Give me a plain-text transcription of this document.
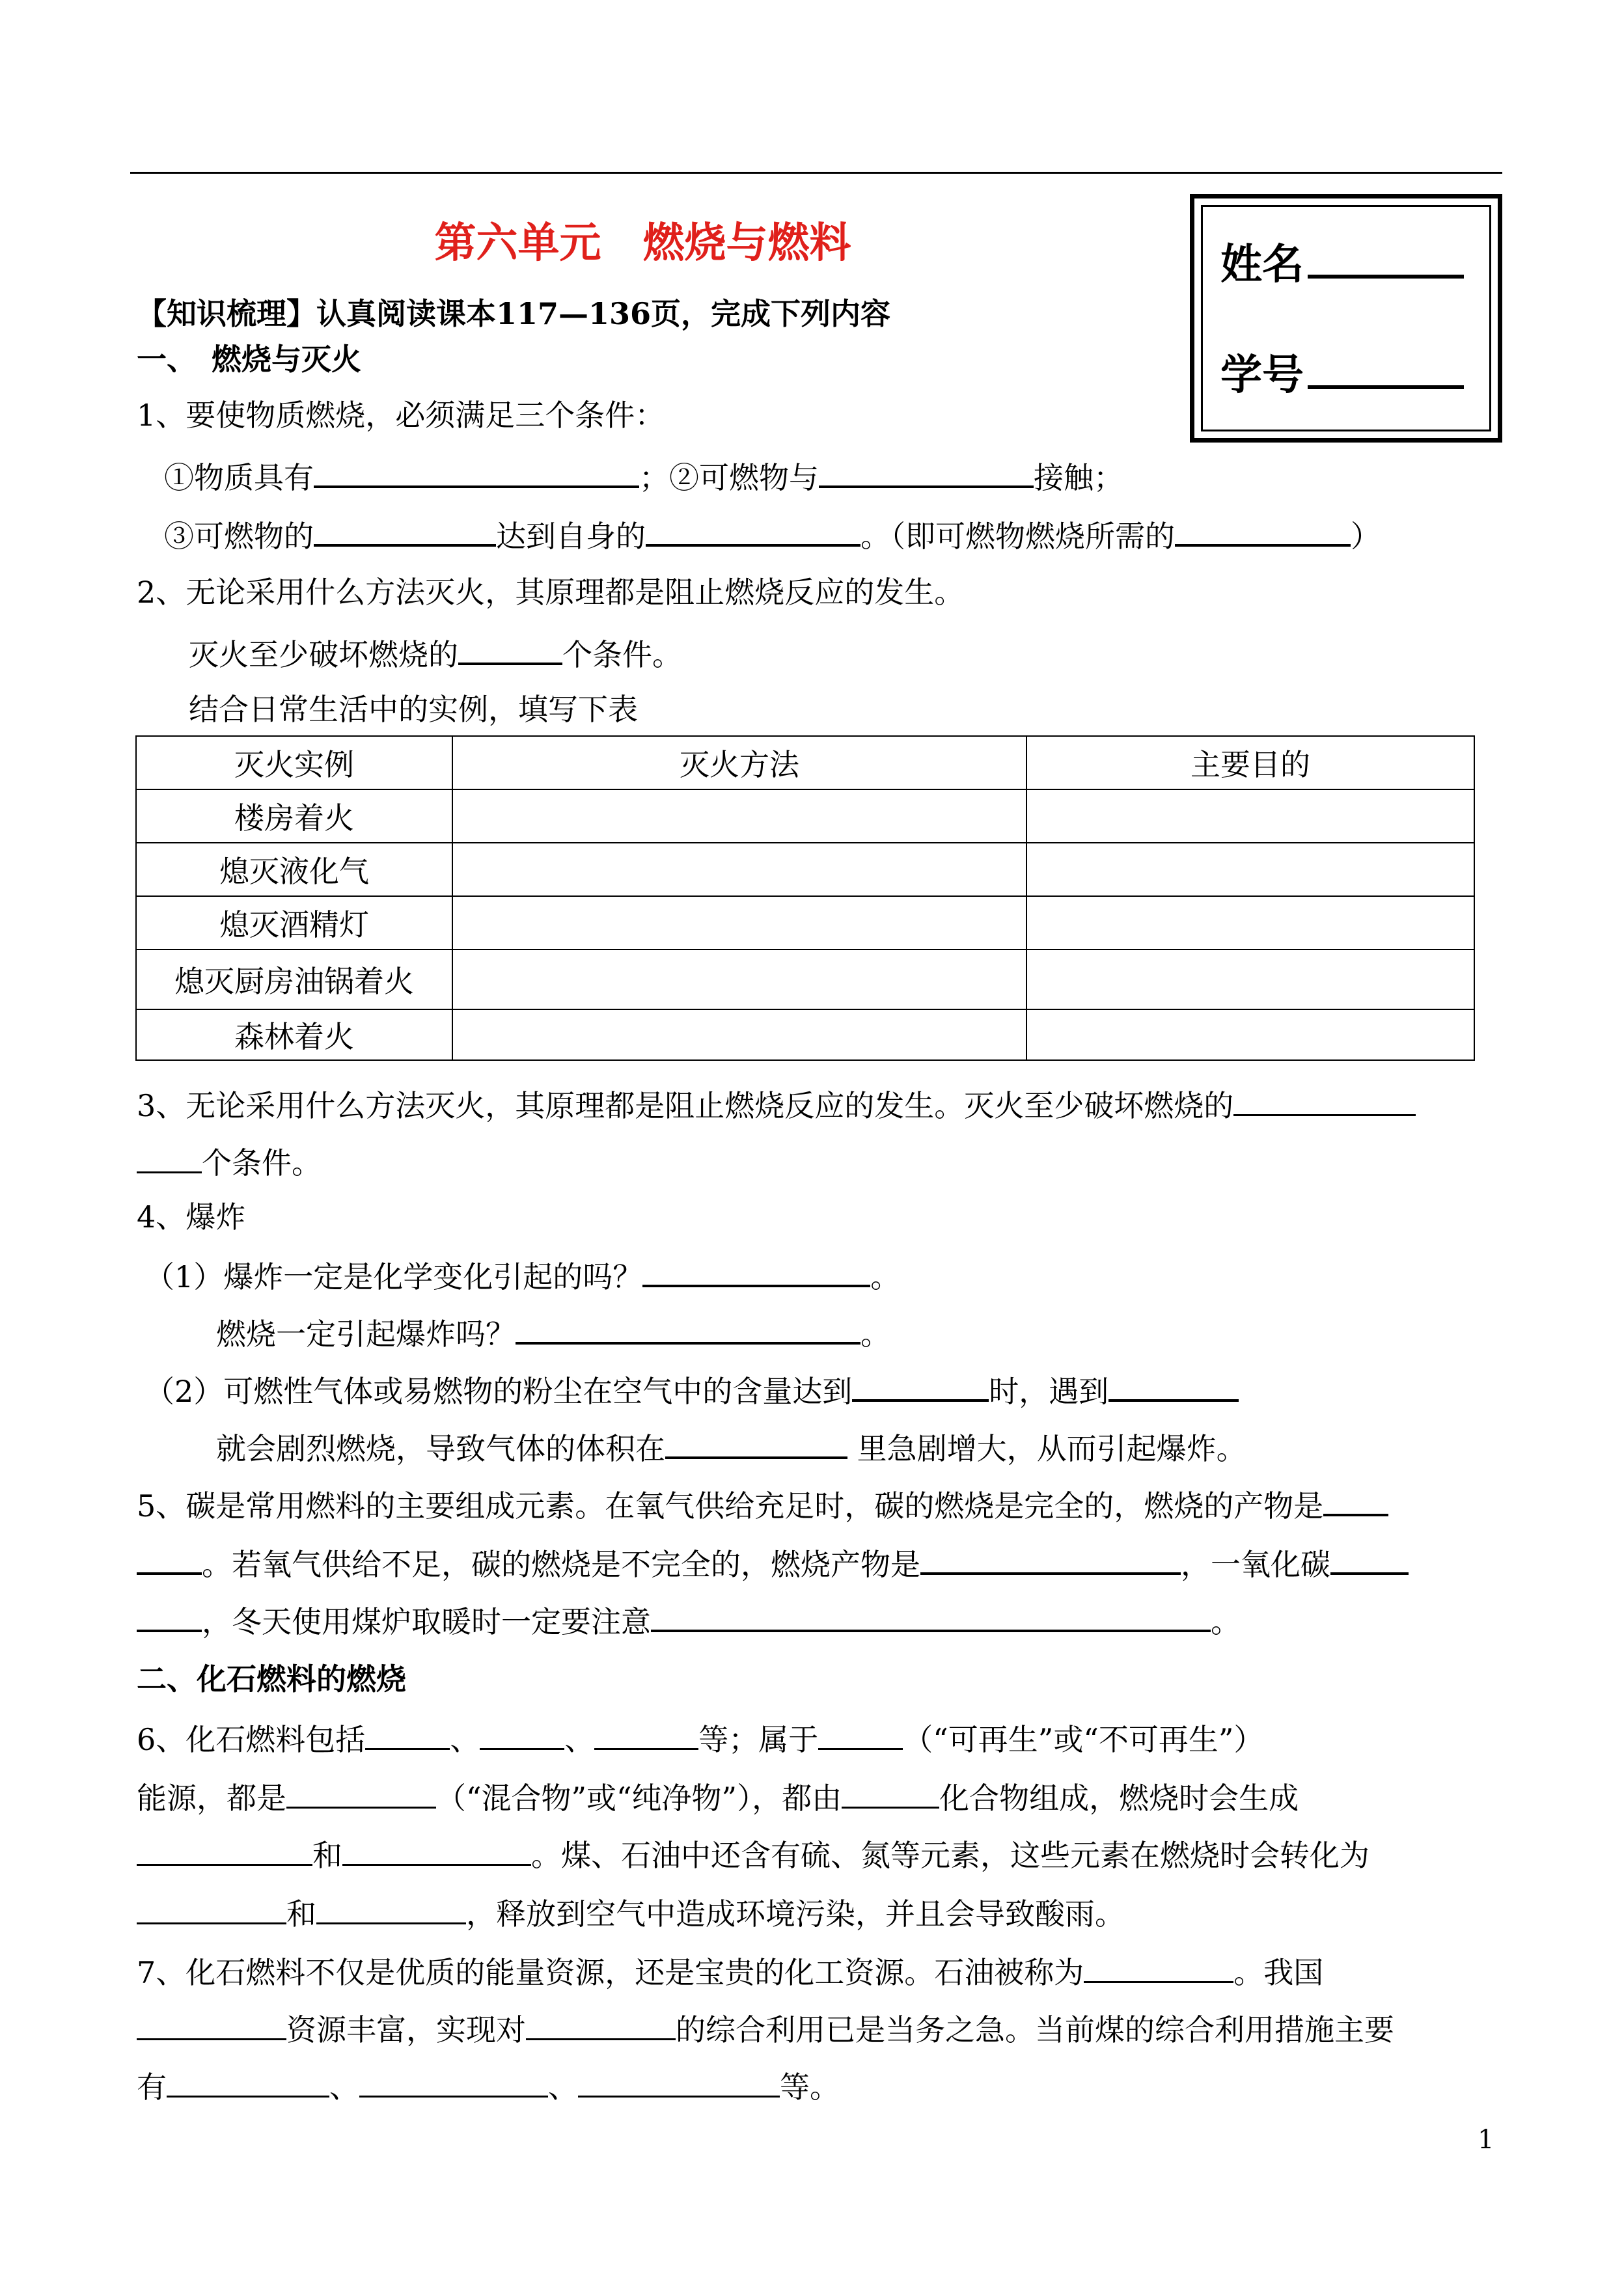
第六单元　燃烧与燃料	姓名
学号
【知识梳理】认真阅读课本117—136页，完成下列内容
一、　燃烧与灭火
1、要使物质燃烧，必须满足三个条件：
①物质具有	；②可燃物与	接触；
③可燃物的	达到自身的	。（即可燃物燃烧所需的	）
2、无论采用什么方法灭火，其原理都是阻止燃烧反应的发生。
灭火至少破坏燃烧的	个条件。
结合日常生活中的实例，填写下表
灭火实例	灭火方法	主要目的
楼房着火		
熄灭液化气		
熄灭酒精灯		
熄灭厨房油锅着火		
森林着火		
3、无论采用什么方法灭火，其原理都是阻止燃烧反应的发生。灭火至少破坏燃烧的
个条件。
4、爆炸
（1）爆炸一定是化学变化引起的吗？	。
燃烧一定引起爆炸吗？	。
（2）可燃性气体或易燃物的粉尘在空气中的含量达到	时，遇到
就会剧烈燃烧，导致气体的体积在	里急剧增大，从而引起爆炸。
5、碳是常用燃料的主要组成元素。在氧气供给充足时，碳的燃烧是完全的，燃烧的产物是
。若氧气供给不足，碳的燃烧是不完全的，燃烧产物是	，一氧化碳
，冬天使用煤炉取暖时一定要注意	。
二、化石燃料的燃烧
6、化石燃料包括	、	、	等；属于	（“可再生”或“不可再生”）
能源，都是	（“混合物”或“纯净物”），都由	化合物组成，燃烧时会生成
和	。煤、石油中还含有硫、氮等元素，这些元素在燃烧时会转化为
和	，释放到空气中造成环境污染，并且会导致酸雨。
7、化石燃料不仅是优质的能量资源，还是宝贵的化工资源。石油被称为	。我国
资源丰富，实现对	的综合利用已是当务之急。当前煤的综合利用措施主要
有	、	、	等。
1
